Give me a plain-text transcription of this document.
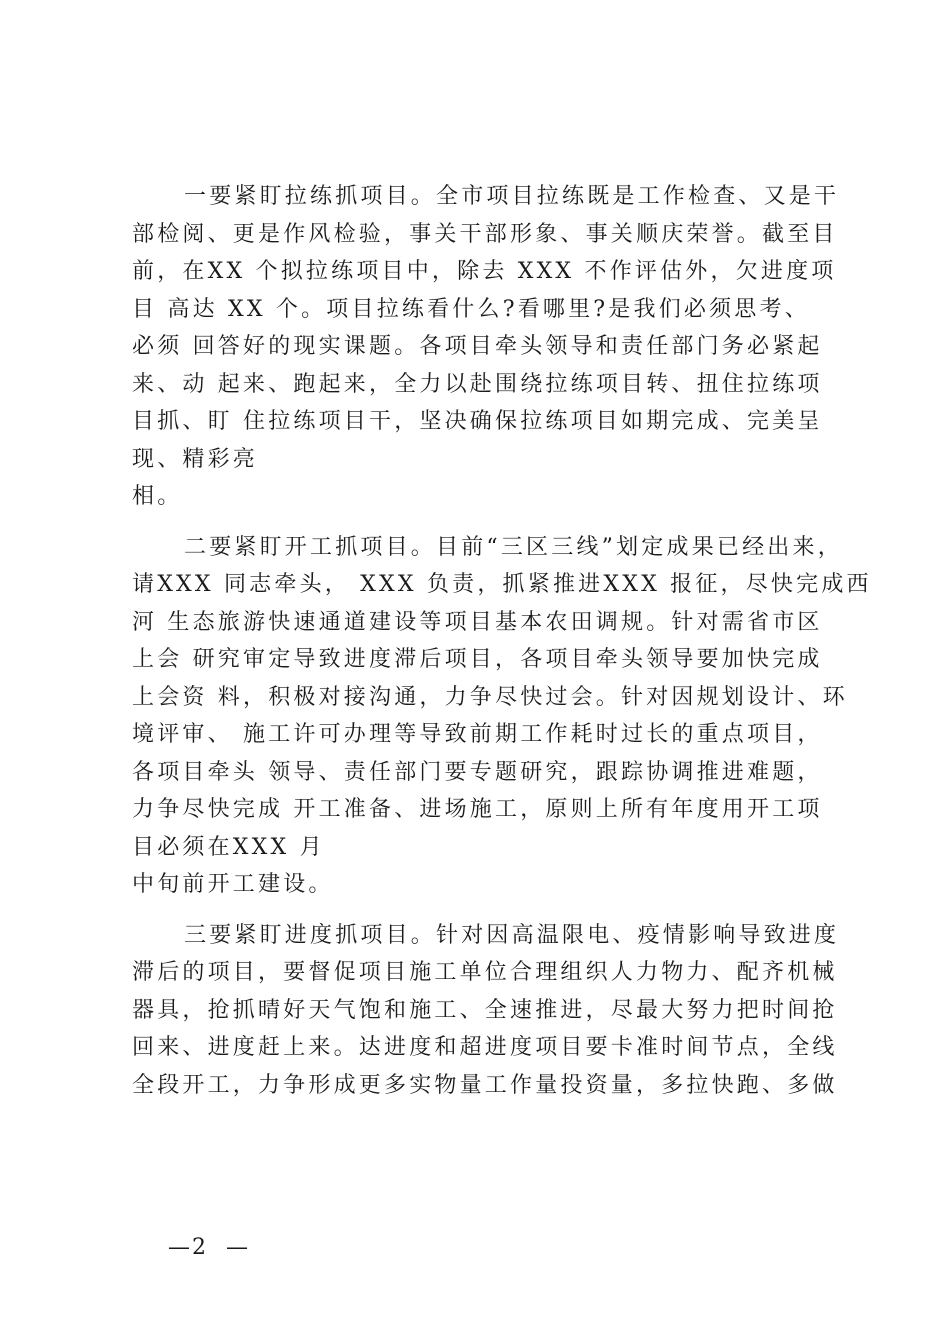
一要紧盯拉练抓项目。全市项目拉练既是工作检查、又是干
部检阅、更是作风检验，事关干部形象、事关顺庆荣誉。截至目
前，在XX 个拟拉练项目中，除去 XXX 不作评估外，欠进度项
目 高达 XX 个。项目拉练看什么?看哪里?是我们必须思考、
必须 回答好的现实课题。各项目牵头领导和责任部门务必紧起
来、动 起来、跑起来，全力以赴围绕拉练项目转、扭住拉练项
目抓、盯 住拉练项目干，坚决确保拉练项目如期完成、完美呈
现、精彩亮
相。
二要紧盯开工抓项目。目前“三区三线”划定成果已经出来，
请XXX 同志牵头， XXX 负责，抓紧推进XXX 报征，尽快完成西
河 生态旅游快速通道建设等项目基本农田调规。针对需省市区
上会 研究审定导致进度滞后项目，各项目牵头领导要加快完成
上会资 料，积极对接沟通，力争尽快过会。针对因规划设计、环
境评审、 施工许可办理等导致前期工作耗时过长的重点项目，
各项目牵头 领导、责任部门要专题研究，跟踪协调推进难题，
力争尽快完成 开工准备、进场施工，原则上所有年度用开工项
目必须在XXX 月
中旬前开工建设。
三要紧盯进度抓项目。针对因高温限电、疫情影响导致进度
滞后的项目，要督促项目施工单位合理组织人力物力、配齐机械
器具，抢抓晴好天气饱和施工、全速推进，尽最大努力把时间抢
回来、进度赶上来。达进度和超进度项目要卡准时间节点，全线
全段开工，力争形成更多实物量工作量投资量，多拉快跑、多做
—2  —
